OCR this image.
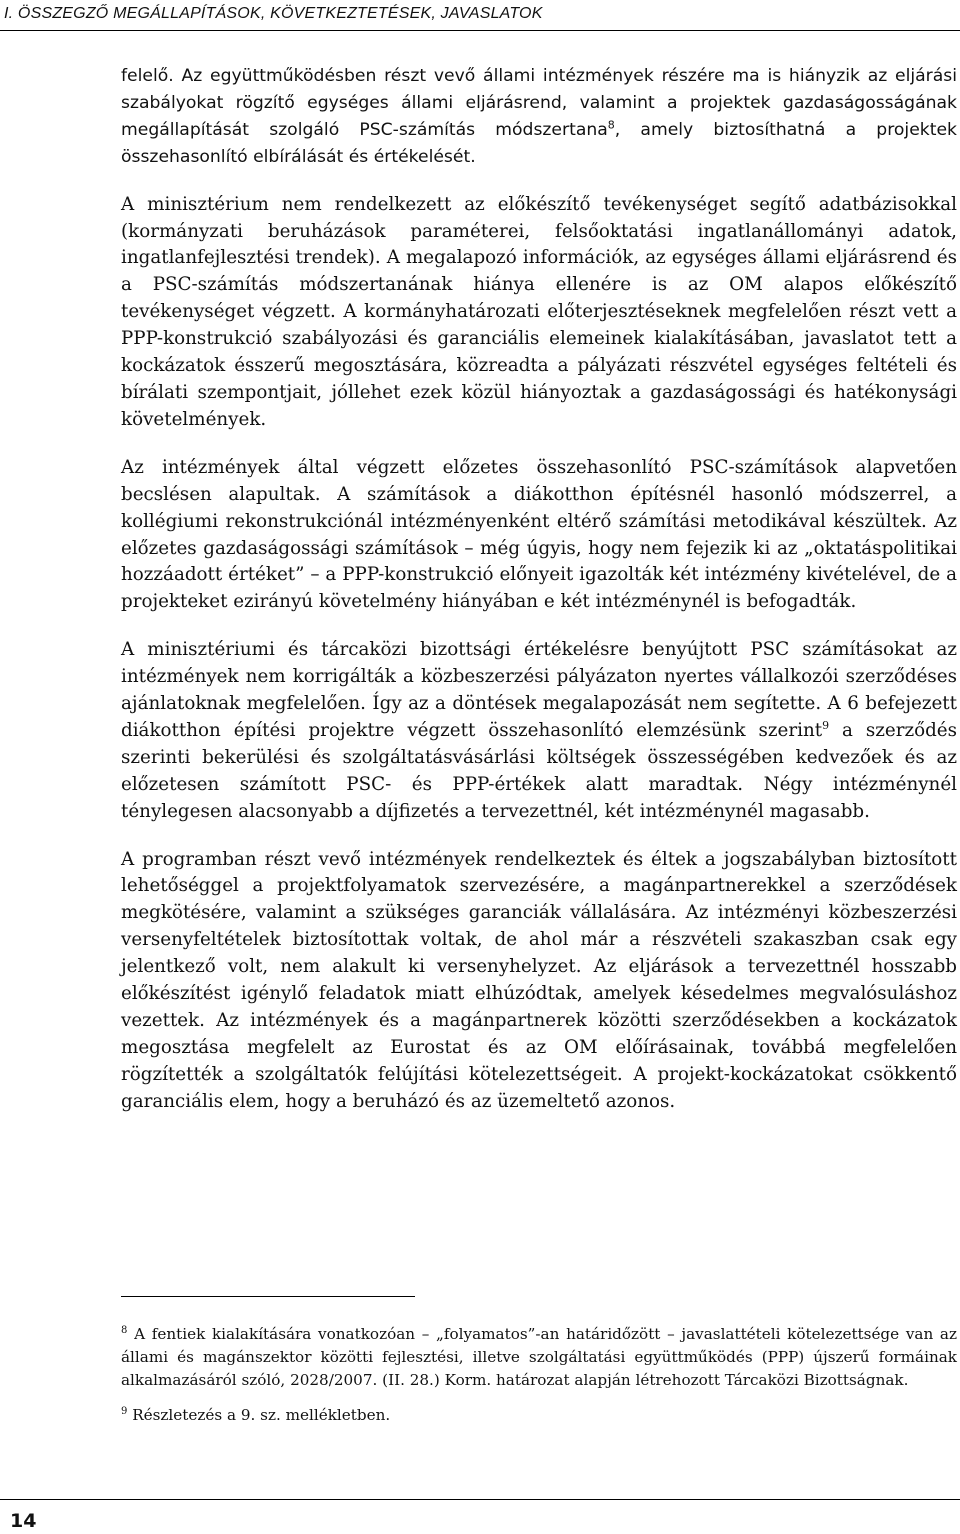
I. ÖSSZEGZŐ MEGÁLLAPÍTÁSOK, KÖVETKEZTETÉSEK, JAVASLATOK

felelő. Az együttműködésben részt vevő állami intézmények részére ma is hiányzik az eljárási szabályokat rögzítő egységes állami eljárásrend, valamint a projektek gazdaságosságának megállapítását szolgáló PSC-számítás módszertana$^8$, amely biztosíthatná a projektek összehasonlító elbírálását és értékelését.

A minisztérium nem rendelkezett az előkészítő tevékenységet segítő adatbázisokkal (kormányzati beruházások paraméterei, felsőoktatási ingatlanállományi adatok, ingatlanfejlesztési trendek). A megalapozó információk, az egységes állami eljárásrend és a PSC-számítás módszertanának hiánya ellenére is az OM alapos előkészítő tevékenységet végzett. A kormányhatározati előterjesztéseknek megfelelően részt vett a PPP-konstrukció szabályozási és garanciális elemeinek kialakításában, javaslatot tett a kockázatok ésszerű megosztására, közreadta a pályázati részvétel egységes feltételi és bírálati szempontjait, jóllehet ezek közül hiányoztak a gazdaságossági és hatékonysági követelmények.

Az intézmények által végzett előzetes összehasonlító PSC-számítások alapvetően becslésen alapultak. A számítások a diákotthon építésnél hasonló módszerrel, a kollégiumi rekonstrukciónál intézményenként eltérő számítási metodikával készültek. Az előzetes gazdaságossági számítások – még úgyis, hogy nem fejezik ki az „oktatáspolitikai hozzáadott értéket” – a PPP-konstrukció előnyeit igazolták két intézmény kivételével, de a projekteket ezirányú követelmény hiányában e két intézménynél is befogadták.

A minisztériumi és tárcaközi bizottsági értékelésre benyújtott PSC számításokat az intézmények nem korrigálták a közbeszerzési pályázaton nyertes vállalkozói szerződéses ajánlatoknak megfelelően. Így az a döntések megalapozását nem segítette. A 6 befejezett diákotthon építési projektre végzett összehasonlító elemzésünk szerint$^9$ a szerződés szerinti bekerülési és szolgáltatásvásárlási költségek összességében kedvezőek és az előzetesen számított PSC- és PPP-értékek alatt maradtak. Négy intézménynél ténylegesen alacsonyabb a díjfizetés a tervezettnél, két intézménynél magasabb.

A programban részt vevő intézmények rendelkeztek és éltek a jogszabályban biztosított lehetőséggel a projektfolyamatok szervezésére, a magánpartnerekkel a szerződések megkötésére, valamint a szükséges garanciák vállalására. Az intézményi közbeszerzési versenyfeltételek biztosítottak voltak, de ahol már a részvételi szakaszban csak egy jelentkező volt, nem alakult ki versenyhelyzet. Az eljárások a tervezettnél hosszabb előkészítést igénylő feladatok miatt elhúzódtak, amelyek késedelmes megvalósuláshoz vezettek. Az intézmények és a magánpartnerek közötti szerződésekben a kockázatok megosztása megfelelt az Eurostat és az OM előírásainak, továbbá megfelelően rögzítették a szolgáltatók felújítási kötelezettségeit. A projekt-kockázatokat csökkentő garanciális elem, hogy a beruházó és az üzemeltető azonos.

$^8$ A fentiek kialakítására vonatkozóan – „folyamatos”-an határidőzött – javaslattételi kötelezettsége van az állami és magánszektor közötti fejlesztési, illetve szolgáltatási együttműködés (PPP) újszerű formáinak alkalmazásáról szóló, 2028/2007. (II. 28.) Korm. határozat alapján létrehozott Tárcaközi Bizottságnak.

$^9$ Részletezés a 9. sz. mellékletben.

14
